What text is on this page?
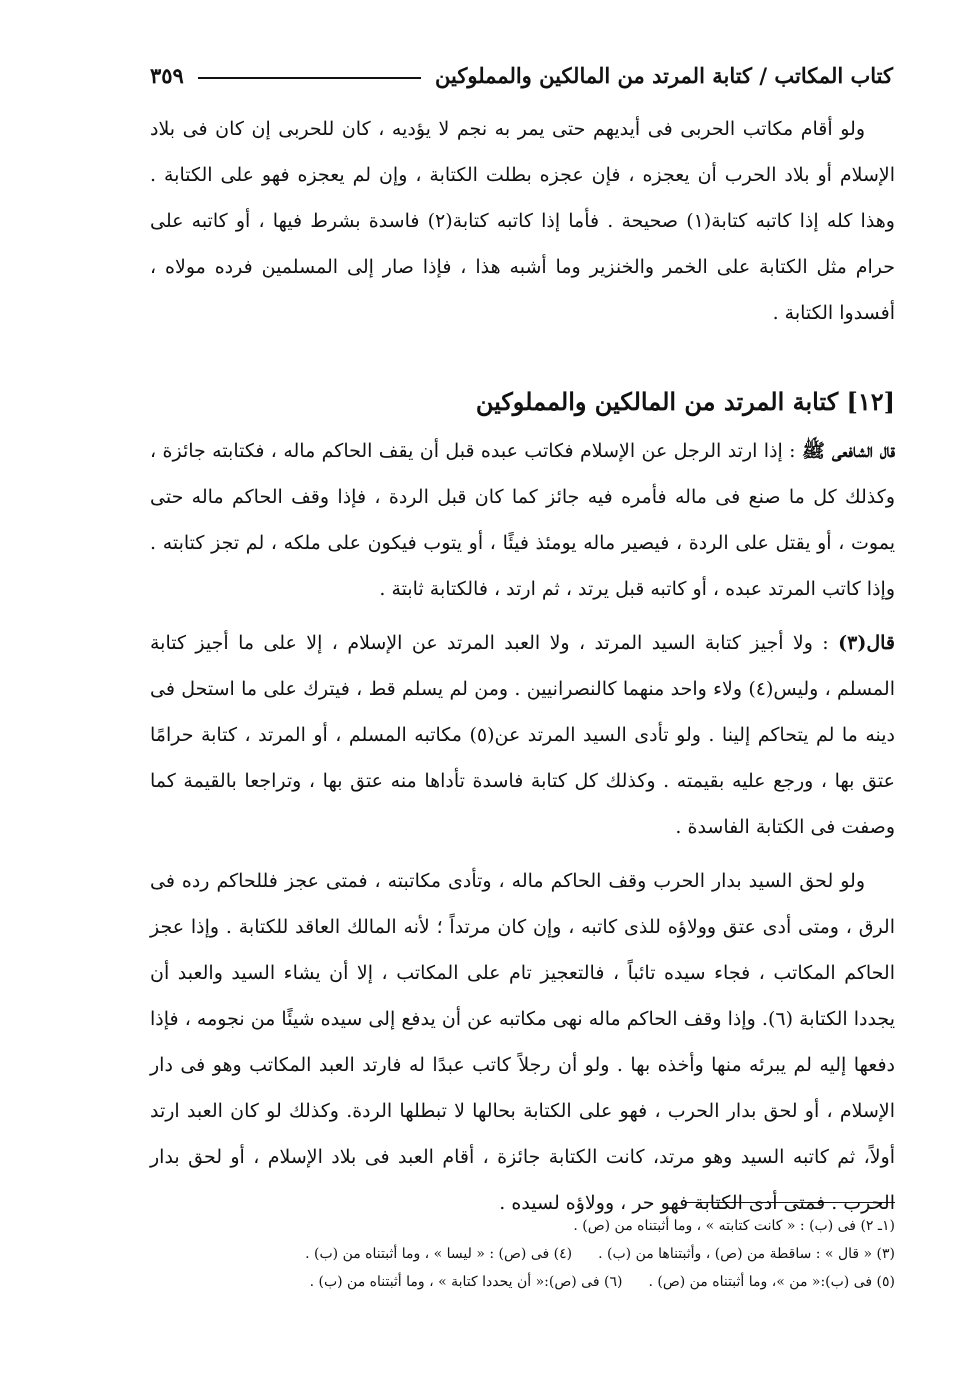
كتاب المكاتب / كتابة المرتد من المالكين والمملوكين
٣٥٩

ولو أقام مكاتب الحربى فى أيديهم حتى يمر به نجم لا يؤديه ، كان للحربى إن كان فى بلاد الإسلام أو بلاد الحرب أن يعجزه ، فإن عجزه بطلت الكتابة ، وإن لم يعجزه فهو على الكتابة . وهذا كله إذا كاتبه كتابة(١) صحيحة . فأما إذا كاتبه كتابة(٢) فاسدة بشرط فيها ، أو كاتبه على حرام مثل الكتابة على الخمر والخنزير وما أشبه هذا ، فإذا صار إلى المسلمين فرده مولاه ، أفسدوا الكتابة .

[١٢] كتابة المرتد من المالكين والمملوكين

قال الشافعى ﷺ : إذا ارتد الرجل عن الإسلام فكاتب عبده قبل أن يقف الحاكم ماله ، فكتابته جائزة ، وكذلك كل ما صنع فى ماله فأمره فيه جائز كما كان قبل الردة ، فإذا وقف الحاكم ماله حتى يموت ، أو يقتل على الردة ، فيصير ماله يومئذ فيئًا ، أو يتوب فيكون على ملكه ، لم تجز كتابته . وإذا كاتب المرتد عبده ، أو كاتبه قبل يرتد ، ثم ارتد ، فالكتابة ثابتة .

قال(٣) : ولا أجيز كتابة السيد المرتد ، ولا العبد المرتد عن الإسلام ، إلا على ما أجيز كتابة المسلم ، وليس(٤) ولاء واحد منهما كالنصرانيين . ومن لم يسلم قط ، فيترك على ما استحل فى دينه ما لم يتحاكم إلينا . ولو تأدى السيد المرتد عن(٥) مكاتبه المسلم ، أو المرتد ، كتابة حرامًا عتق بها ، ورجع عليه بقيمته . وكذلك كل كتابة فاسدة تأداها منه عتق بها ، وتراجعا بالقيمة كما وصفت فى الكتابة الفاسدة .

ولو لحق السيد بدار الحرب وقف الحاكم ماله ، وتأدى مكاتبته ، فمتى عجز فللحاكم رده فى الرق ، ومتى أدى عتق وولاؤه للذى كاتبه ، وإن كان مرتداً ؛ لأنه المالك العاقد للكتابة . وإذا عجز الحاكم المكاتب ، فجاء سيده تائباً ، فالتعجيز تام على المكاتب ، إلا أن يشاء السيد والعبد أن يجددا الكتابة (٦). وإذا وقف الحاكم ماله نهى مكاتبه عن أن يدفع إلى سيده شيئًا من نجومه ، فإذا دفعها إليه لم يبرئه منها وأخذه بها . ولو أن رجلاً كاتب عبدًا له فارتد العبد المكاتب وهو فى دار الإسلام ، أو لحق بدار الحرب ، فهو على الكتابة بحالها لا تبطلها الردة. وكذلك لو كان العبد ارتد أولاً، ثم كاتبه السيد وهو مرتد، كانت الكتابة جائزة ، أقام العبد فى بلاد الإسلام ، أو لحق بدار الحرب . فمتى أدى الكتابة فهو حر ، وولاؤه لسيده .

(١ـ ٢) فى (ب) : « كانت كتابته » ، وما أثبتناه من (ص) .
(٣) « قال » : ساقطة من (ص) ، وأثبتناها من (ب) .
(٤) فى (ص) : « ليسا » ، وما أثبتناه من (ب) .
(٥) فى (ب):« من »، وما أثبتناه من (ص) .
(٦) فى (ص):« أن يحددا كتابة » ، وما أثبتناه من (ب) .
